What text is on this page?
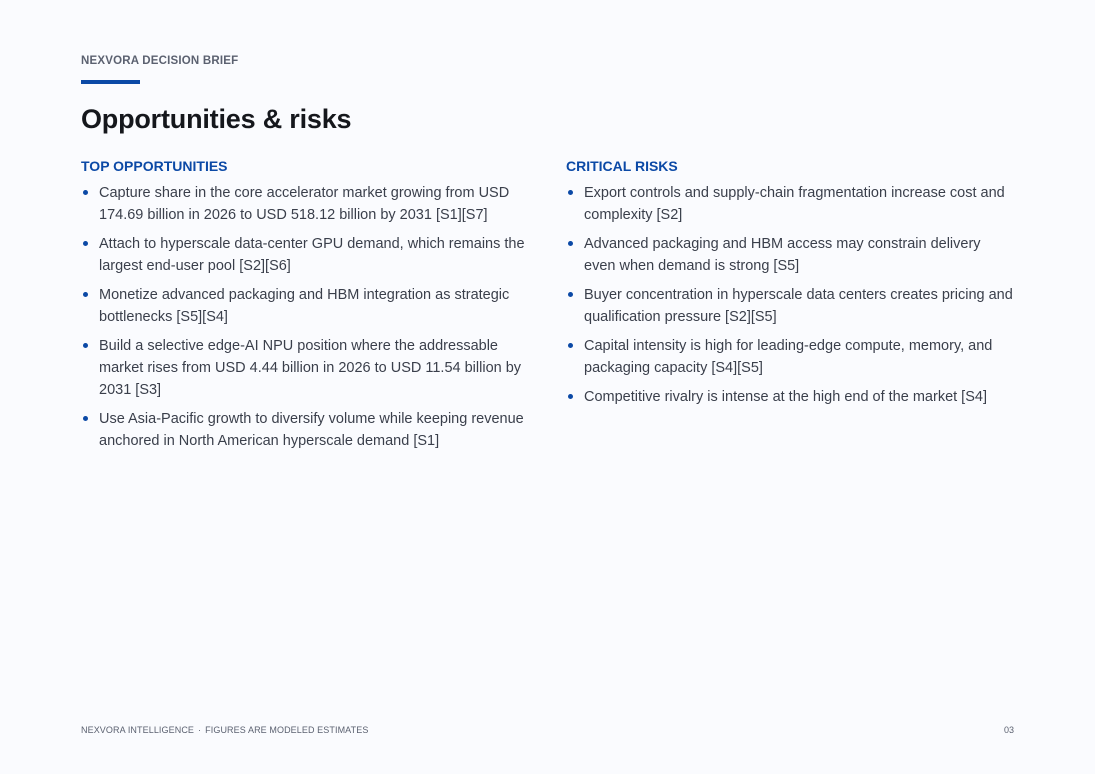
NEXVORA DECISION BRIEF
Opportunities & risks
TOP OPPORTUNITIES
Capture share in the core accelerator market growing from USD 174.69 billion in 2026 to USD 518.12 billion by 2031 [S1][S7]
Attach to hyperscale data-center GPU demand, which remains the largest end-user pool [S2][S6]
Monetize advanced packaging and HBM integration as strategic bottlenecks [S5][S4]
Build a selective edge-AI NPU position where the addressable market rises from USD 4.44 billion in 2026 to USD 11.54 billion by 2031 [S3]
Use Asia-Pacific growth to diversify volume while keeping revenue anchored in North American hyperscale demand [S1]
CRITICAL RISKS
Export controls and supply-chain fragmentation increase cost and complexity [S2]
Advanced packaging and HBM access may constrain delivery even when demand is strong [S5]
Buyer concentration in hyperscale data centers creates pricing and qualification pressure [S2][S5]
Capital intensity is high for leading-edge compute, memory, and packaging capacity [S4][S5]
Competitive rivalry is intense at the high end of the market [S4]
NEXVORA INTELLIGENCE · FIGURES ARE MODELED ESTIMATES	03
